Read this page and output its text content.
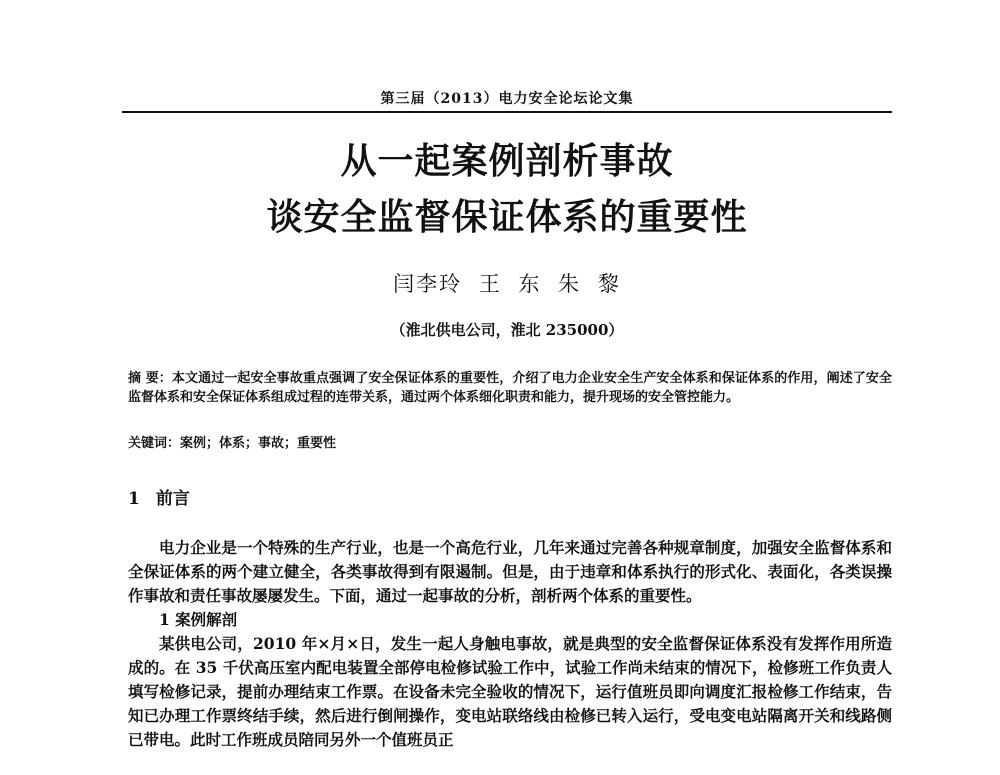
第三届（2013）电力安全论坛论文集
从一起案例剖析事故
谈安全监督保证体系的重要性
闫李玲 王 东 朱 黎
（淮北供电公司，淮北 235000）
摘 要：本文通过一起安全事故重点强调了安全保证体系的重要性，介绍了电力企业安全生产安全体系和保证体系的作用，阐述了安全监督体系和安全保证体系组成过程的连带关系，通过两个体系细化职责和能力，提升现场的安全管控能力。
关键词：案例；体系；事故；重要性
1 前言

电力企业是一个特殊的生产行业，也是一个高危行业，几年来通过完善各种规章制度，加强安全监督体系和全保证体系的两个建立健全，各类事故得到有限遏制。但是，由于违章和体系执行的形式化、表面化，各类误操作事故和责任事故屡屡发生。下面，通过一起事故的分析，剖析两个体系的重要性。

1 案例解剖

某供电公司，2010 年×月×日，发生一起人身触电事故，就是典型的安全监督保证体系没有发挥作用所造成的。在 35 千伏高压室内配电装置全部停电检修试验工作中，试验工作尚未结束的情况下，检修班工作负责人填写检修记录，提前办理结束工作票。在设备未完全验收的情况下，运行值班员即向调度汇报检修工作结束，告知已办理工作票终结手续，然后进行倒闸操作，变电站联络线由检修已转入运行，受电变电站隔离开关和线路侧已带电。此时工作班成员陪同另外一个值班员正
